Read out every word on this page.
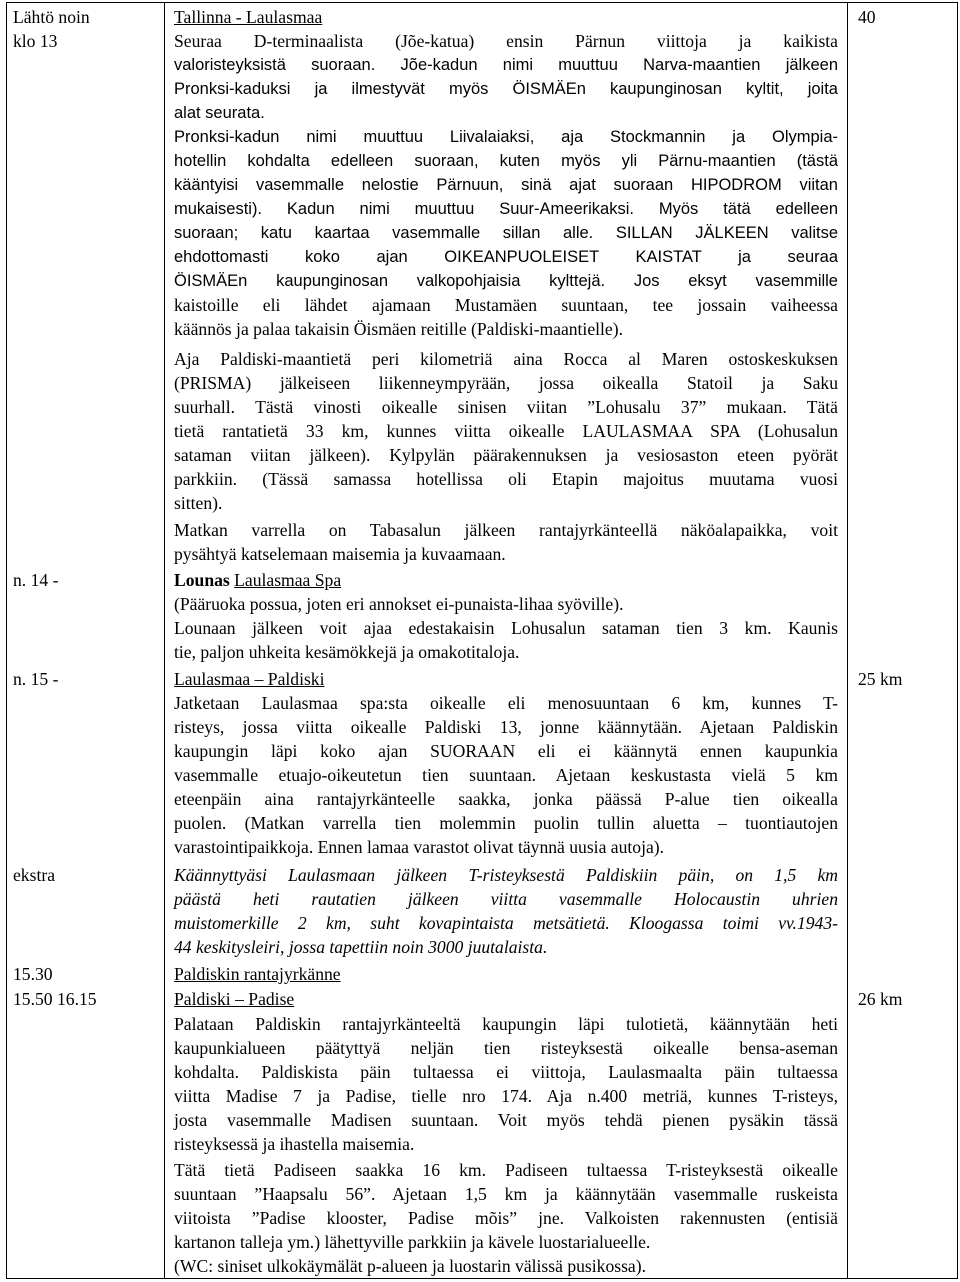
Lähtö noin
klo 13
n. 14 -
n. 15 -
ekstra
15.30
15.50 16.15
40
25 km
26 km
Tallinna - Laulasmaa
Seuraa D-terminaalista (Jõe-katua) ensin Pärnun viittoja ja kaikista
valoristeyksistä suoraan. Jõe-kadun nimi muuttuu Narva-maantien jälkeen
Pronksi-kaduksi ja ilmestyvät myös ÖISMÄEn kaupunginosan kyltit, joita
alat seurata.
Pronksi-kadun nimi muuttuu Liivalaiaksi, aja Stockmannin ja Olympia-
hotellin kohdalta edelleen suoraan, kuten myös yli Pärnu-maantien (tästä
kääntyisi vasemmalle nelostie Pärnuun, sinä ajat suoraan HIPODROM viitan
mukaisesti). Kadun nimi muuttuu Suur-Ameerikaksi. Myös tätä edelleen
suoraan; katu kaartaa vasemmalle sillan alle. SILLAN JÄLKEEN valitse
ehdottomasti koko ajan OIKEANPUOLEISET KAISTAT ja seuraa
ÖISMÄEn kaupunginosan valkopohjaisia kylttejä. Jos eksyt vasemmille
kaistoille eli lähdet ajamaan Mustamäen suuntaan, tee jossain vaiheessa
käännös ja palaa takaisin Öismäen reitille (Paldiski-maantielle).
Aja Paldiski-maantietä peri kilometriä aina Rocca al Maren ostoskeskuksen
(PRISMA) jälkeiseen liikenneympyrään, jossa oikealla Statoil ja Saku
suurhall. Tästä vinosti oikealle sinisen viitan ”Lohusalu 37” mukaan. Tätä
tietä rantatietä 33 km, kunnes viitta oikealle LAULASMAA SPA (Lohusalun
sataman viitan jälkeen). Kylpylän päärakennuksen ja vesiosaston eteen pyörät
parkkiin. (Tässä samassa hotellissa oli Etapin majoitus muutama vuosi
sitten).
Matkan varrella on Tabasalun jälkeen rantajyrkänteellä näköalapaikka, voit
pysähtyä katselemaan maisemia ja kuvaamaan.
Lounas Laulasmaa Spa
(Pääruoka possua, joten eri annokset ei-punaista-lihaa syöville).
Lounaan jälkeen voit ajaa edestakaisin Lohusalun sataman tien 3 km. Kaunis
tie, paljon uhkeita kesämökkejä ja omakotitaloja.
Laulasmaa – Paldiski
Jatketaan Laulasmaa spa:sta oikealle eli menosuuntaan 6 km, kunnes T-
risteys, jossa viitta oikealle Paldiski 13, jonne käännytään. Ajetaan Paldiskin
kaupungin läpi koko ajan SUORAAN eli ei käännytä ennen kaupunkia
vasemmalle etuajo-oikeutetun tien suuntaan. Ajetaan keskustasta vielä 5 km
eteenpäin aina rantajyrkänteelle saakka, jonka päässä P-alue tien oikealla
puolen. (Matkan varrella tien molemmin puolin tullin aluetta – tuontiautojen
varastointipaikkoja. Ennen lamaa varastot olivat täynnä uusia autoja).
Käännyttyäsi Laulasmaan jälkeen T-risteyksestä Paldiskiin päin, on 1,5 km
päästä heti rautatien jälkeen viitta vasemmalle Holocaustin uhrien
muistomerkille 2 km, suht kovapintaista metsätietä. Kloogassa toimi vv.1943-
44 keskitysleiri, jossa tapettiin noin 3000 juutalaista.
Paldiskin rantajyrkänne
Paldiski – Padise
Palataan Paldiskin rantajyrkänteeltä kaupungin läpi tulotietä, käännytään heti
kaupunkialueen päätyttyä neljän tien risteyksestä oikealle bensa-aseman
kohdalta. Paldiskista päin tultaessa ei viittoja, Laulasmaalta päin tultaessa
viitta Madise 7 ja Padise, tielle nro 174. Aja n.400 metriä, kunnes T-risteys,
josta vasemmalle Madisen suuntaan. Voit myös tehdä pienen pysäkin tässä
risteyksessä ja ihastella maisemia.
Tätä tietä Padiseen saakka 16 km. Padiseen tultaessa T-risteyksestä oikealle
suuntaan ”Haapsalu 56”. Ajetaan 1,5 km ja käännytään vasemmalle ruskeista
viitoista ”Padise klooster, Padise mõis” jne. Valkoisten rakennusten (entisiä
kartanon talleja ym.) lähettyville parkkiin ja kävele luostarialueelle.
(WC: siniset ulkokäymälät p-alueen ja luostarin välissä pusikossa).
